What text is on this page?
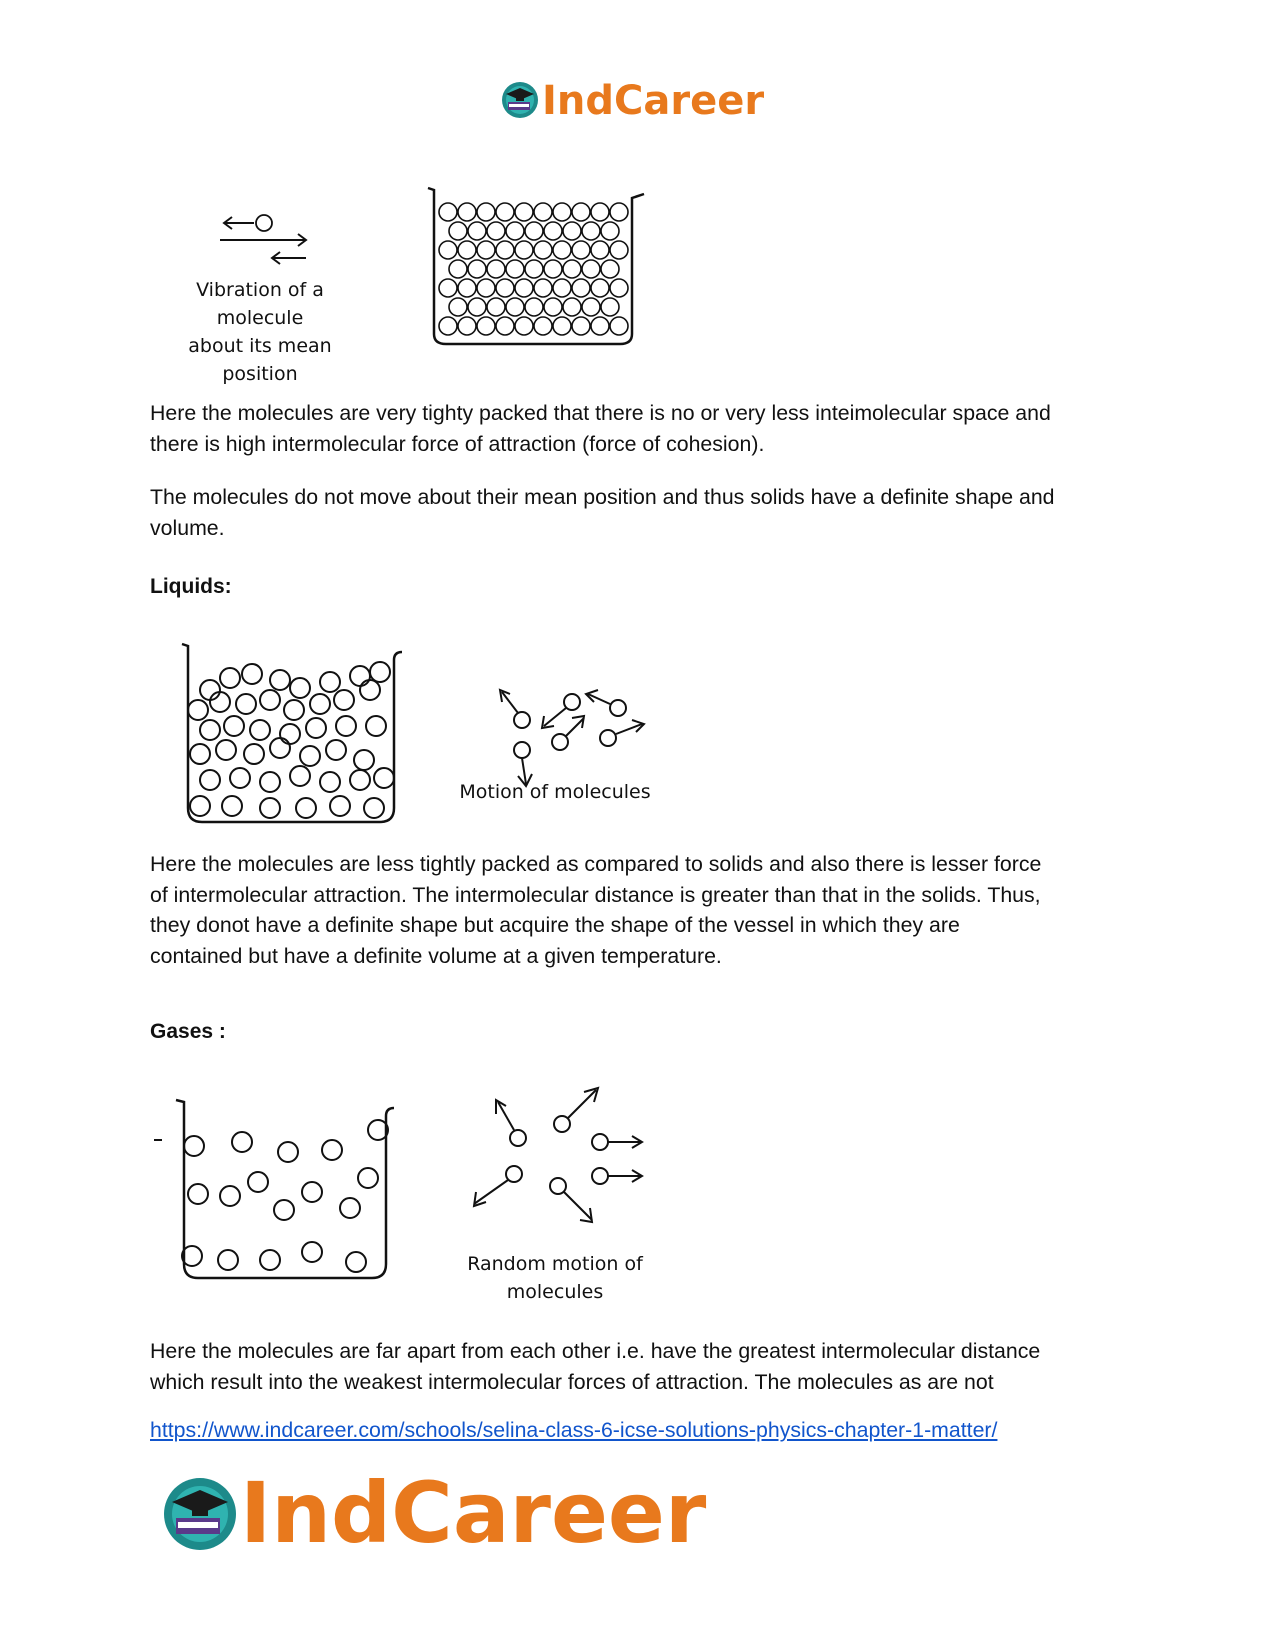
IndCareer
Vibration of a molecule
about its mean position

Here the molecules are very tighty packed that there is no or very less inteimolecular space and
there is high intermolecular force of attraction (force of cohesion).

The molecules do not move about their mean position and thus solids have a definite shape and
volume.

Liquids:

Motion of molecules

Here the molecules are less tightly packed as compared to solids and also there is lesser force
of intermolecular attraction. The intermolecular distance is greater than that in the solids. Thus,
they donot have a definite shape but acquire the shape of the vessel in which they are
contained but have a definite volume at a given temperature.

Gases :

Random motion of
molecules

Here the molecules are far apart from each other i.e. have the greatest intermolecular distance
which result into the weakest intermolecular forces of attraction. The molecules as are not

https://www.indcareer.com/schools/selina-class-6-icse-solutions-physics-chapter-1-matter/
IndCareer
